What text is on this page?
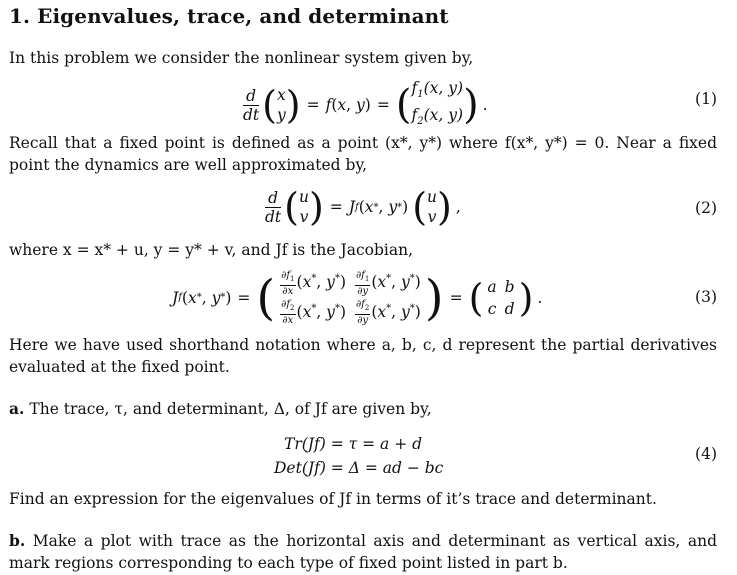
1. Eigenvalues, trace, and determinant
In this problem we consider the nonlinear system given by,
$\frac{d}{dt}$ ( x
y ) = f ( x , y ) = ( $f_1(x$, y)
$f_2(x$, y) ) .	(1)
Recall that a fixed point is defined as a point (x*, y*) where f(x*, y*) = 0. Near a fixed point the dynamics are well approximated by,
$\frac{d}{dt}$ ( u
v ) = J f ( x * , y * ) ( u
v ) ,	(2)
where x = x* + u, y = y* + v, and Jf is the Jacobian,
J f ( x * , y * ) = ( $\frac{\partial f_1}{\partial x} (x^*$, y*)	$\frac{\partial f_1}{\partial y} (x^*$, y*)

$\frac{\partial f_2}{\partial x} (x^*$, y*)	$\frac{\partial f_2}{\partial y} (x^*$, y*) ) = ( a	b
c	d ) .	(3)
Here we have used shorthand notation where a, b, c, d represent the partial derivatives evaluated at the fixed point.
a. The trace, τ, and determinant, Δ, of Jf are given by,
Tr(Jf) = τ = a + d
Det(Jf) = Δ = ad − bc
(4)
Find an expression for the eigenvalues of Jf in terms of it’s trace and determinant.
b. Make a plot with trace as the horizontal axis and determinant as vertical axis, and mark regions corresponding to each type of fixed point listed in part b.
